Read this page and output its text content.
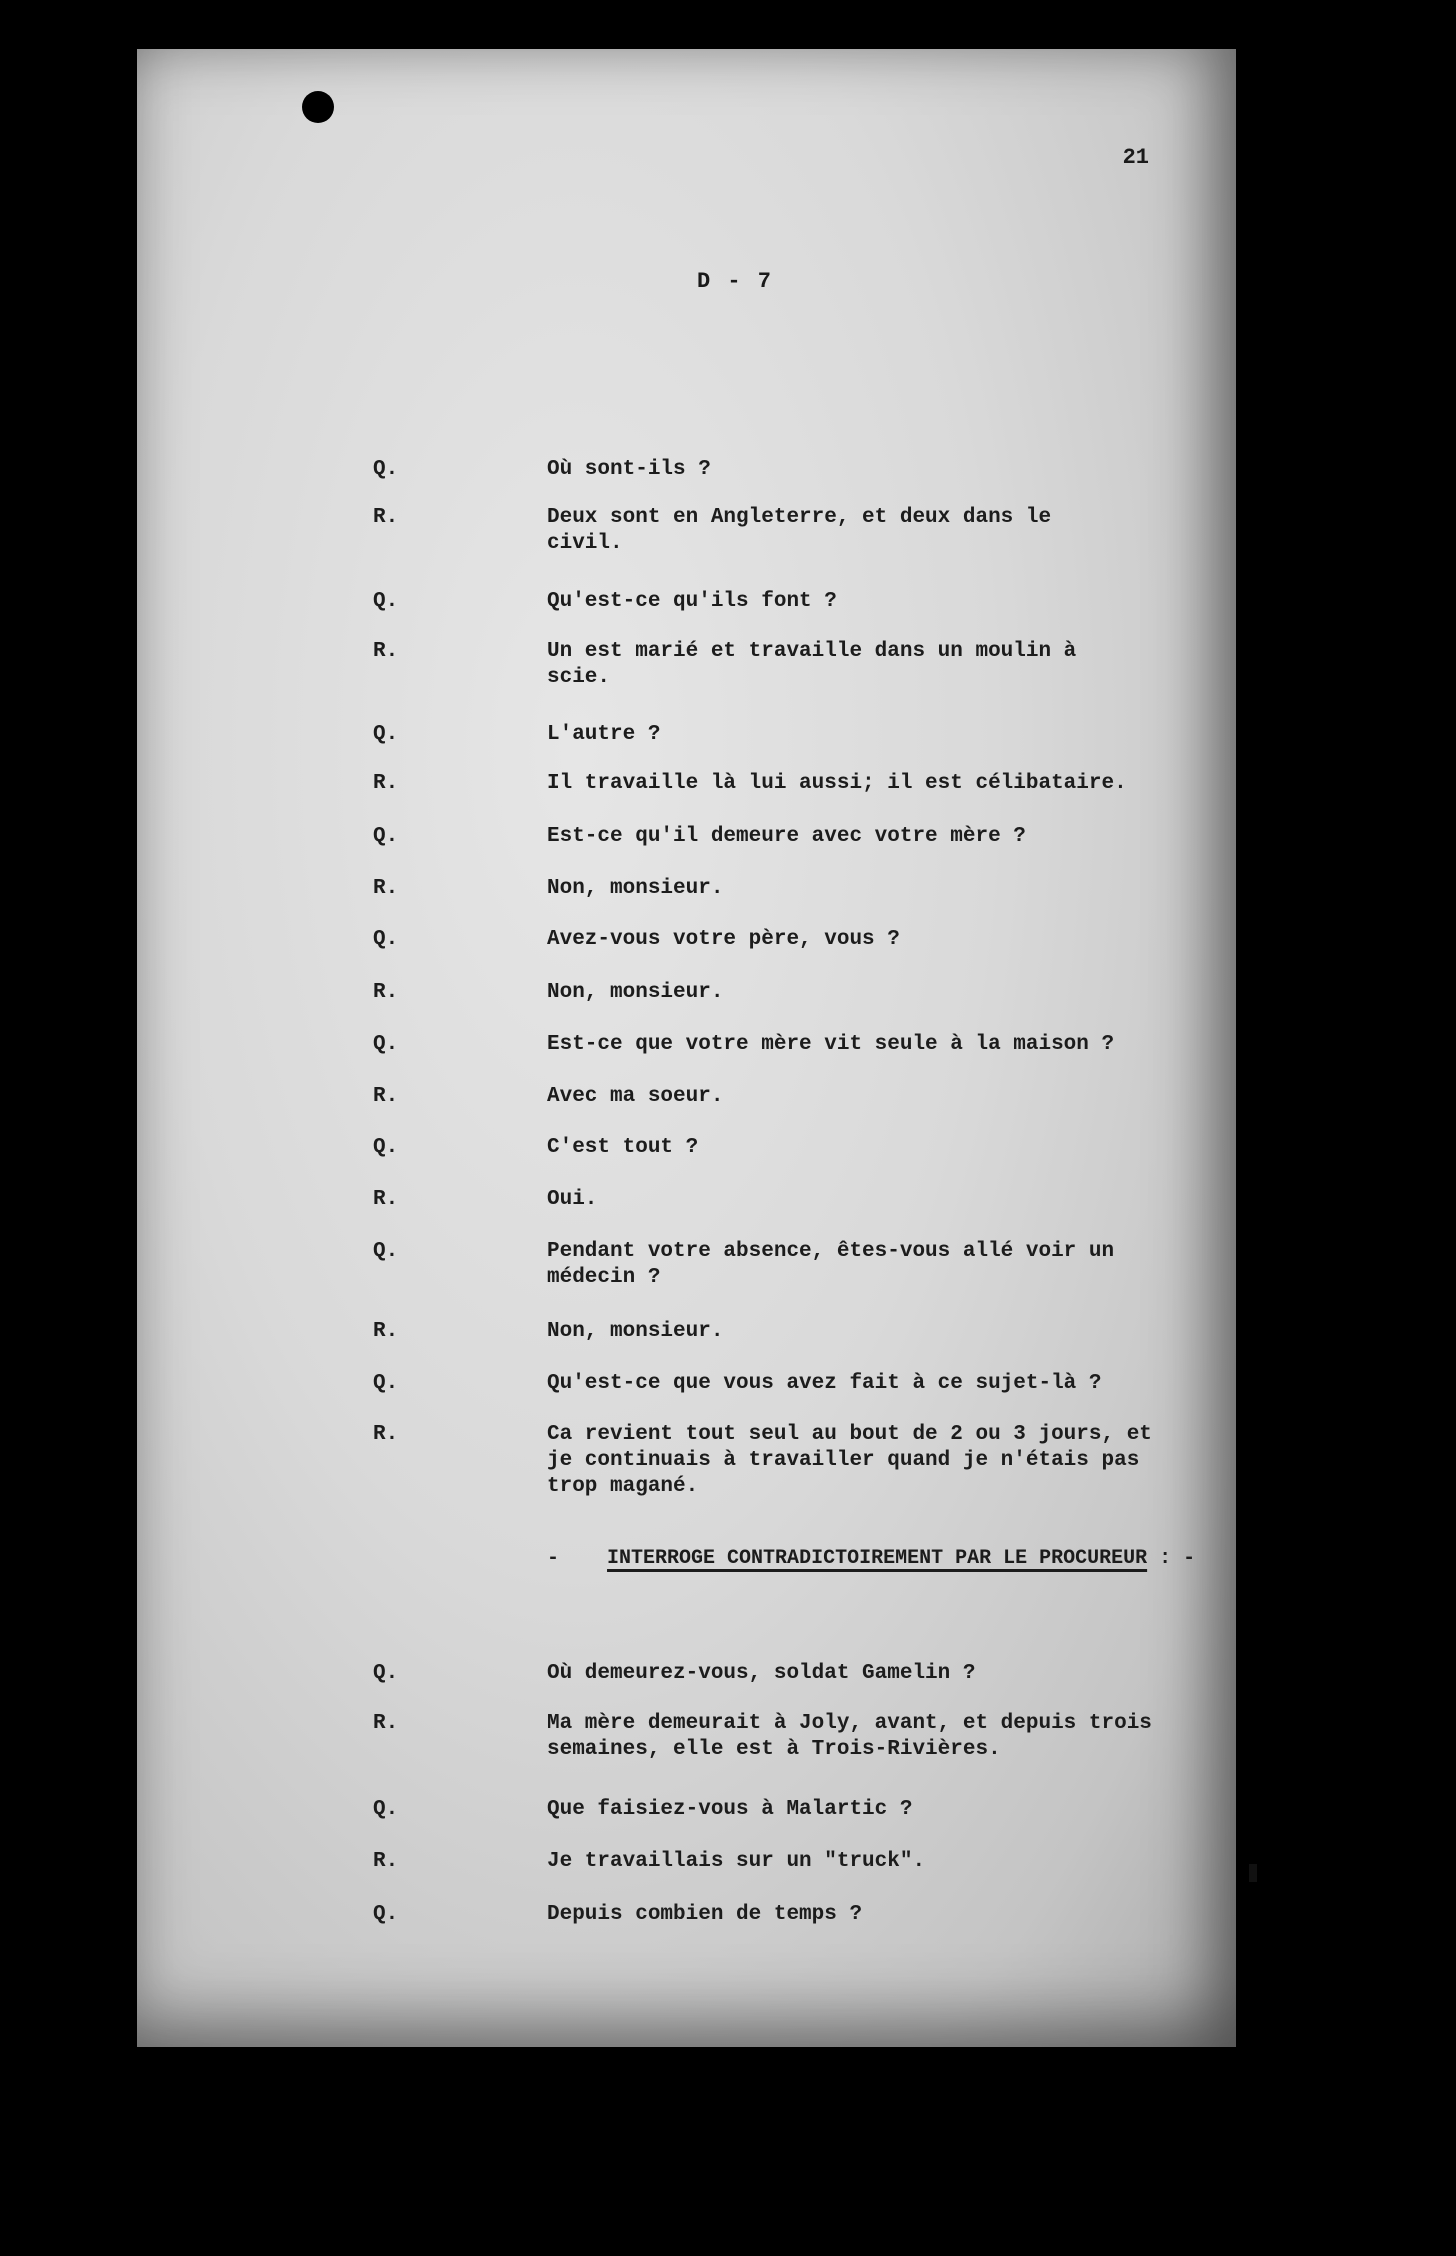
21
D - 7
Q.	Où sont-ils ?
R.	Deux sont en Angleterre, et deux dans le
civil.
Q.	Qu'est-ce qu'ils font ?
R.	Un est marié et travaille dans un moulin à
scie.
Q.	L'autre ?
R.	Il travaille là lui aussi; il est célibataire.
Q.	Est-ce qu'il demeure avec votre mère ?
R.	Non, monsieur.
Q.	Avez-vous votre père, vous ?
R.	Non, monsieur.
Q.	Est-ce que votre mère vit seule à la maison ?
R.	Avec ma soeur.
Q.	C'est tout ?
R.	Oui.
Q.	Pendant votre absence, êtes-vous allé voir un
médecin ?
R.	Non, monsieur.
Q.	Qu'est-ce que vous avez fait à ce sujet-là ?
R.	Ca revient tout seul au bout de 2 ou 3 jours, et
je continuais à travailler quand je n'étais pas
trop magané.
- INTERROGE CONTRADICTOIREMENT PAR LE PROCUREUR : -
Q.	Où demeurez-vous, soldat Gamelin ?
R.	Ma mère demeurait à Joly, avant, et depuis trois
semaines, elle est à Trois-Rivières.
Q.	Que faisiez-vous à Malartic ?
R.	Je travaillais sur un "truck".
Q.	Depuis combien de temps ?
